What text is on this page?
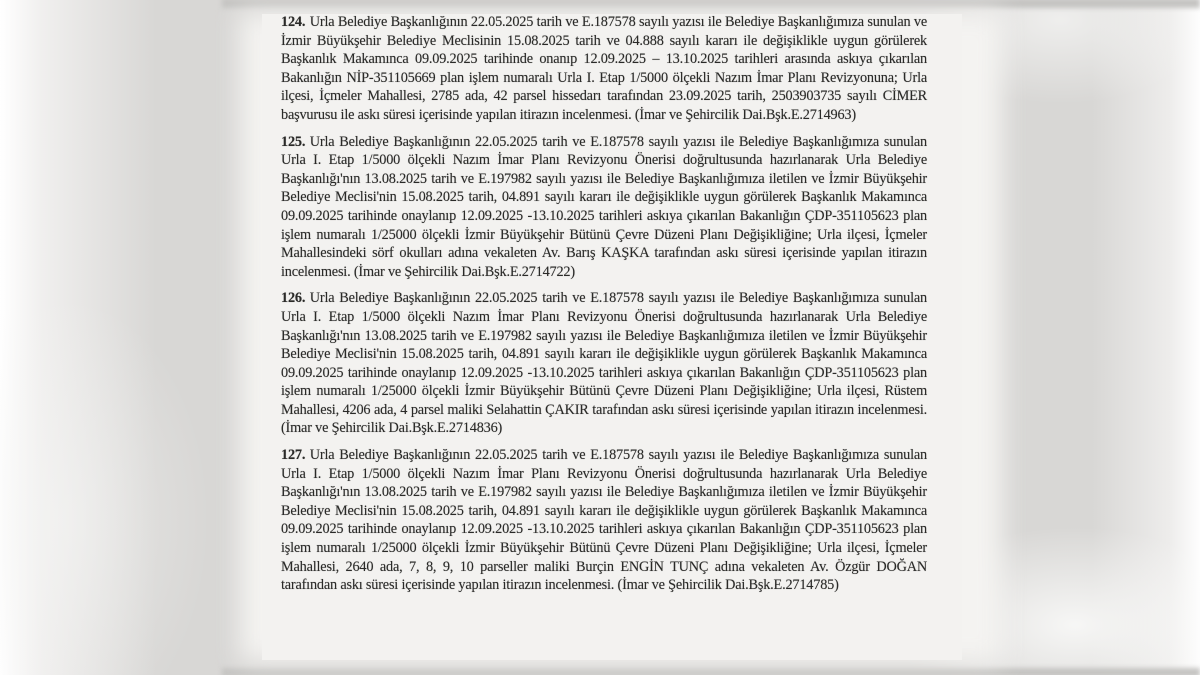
124. Urla Belediye Başkanlığının 22.05.2025 tarih ve E.187578 sayılı yazısı ile Belediye Başkanlığımıza sunulan ve İzmir Büyükşehir Belediye Meclisinin 15.08.2025 tarih ve 04.888 sayılı kararı ile değişiklikle uygun görülerek Başkanlık Makamınca 09.09.2025 tarihinde onanıp 12.09.2025 – 13.10.2025 tarihleri arasında askıya çıkarılan Bakanlığın NİP-351105669 plan işlem numaralı Urla I. Etap 1/5000 ölçekli Nazım İmar Planı Revizyonuna; Urla ilçesi, İçmeler Mahallesi, 2785 ada, 42 parsel hissedarı tarafından 23.09.2025 tarih, 2503903735 sayılı CİMER başvurusu ile askı süresi içerisinde yapılan itirazın incelenmesi. (İmar ve Şehircilik Dai.Bşk.E.2714963)

125. Urla Belediye Başkanlığının 22.05.2025 tarih ve E.187578 sayılı yazısı ile Belediye Başkanlığımıza sunulan Urla I. Etap 1/5000 ölçekli Nazım İmar Planı Revizyonu Önerisi doğrultusunda hazırlanarak Urla Belediye Başkanlığı'nın 13.08.2025 tarih ve E.197982 sayılı yazısı ile Belediye Başkanlığımıza iletilen ve İzmir Büyükşehir Belediye Meclisi'nin 15.08.2025 tarih, 04.891 sayılı kararı ile değişiklikle uygun görülerek Başkanlık Makamınca 09.09.2025 tarihinde onaylanıp 12.09.2025 -13.10.2025 tarihleri askıya çıkarılan Bakanlığın ÇDP-351105623 plan işlem numaralı 1/25000 ölçekli İzmir Büyükşehir Bütünü Çevre Düzeni Planı Değişikliğine; Urla ilçesi, İçmeler Mahallesindeki sörf okulları adına vekaleten Av. Barış KAŞKA tarafından askı süresi içerisinde yapılan itirazın incelenmesi. (İmar ve Şehircilik Dai.Bşk.E.2714722)

126. Urla Belediye Başkanlığının 22.05.2025 tarih ve E.187578 sayılı yazısı ile Belediye Başkanlığımıza sunulan Urla I. Etap 1/5000 ölçekli Nazım İmar Planı Revizyonu Önerisi doğrultusunda hazırlanarak Urla Belediye Başkanlığı'nın 13.08.2025 tarih ve E.197982 sayılı yazısı ile Belediye Başkanlığımıza iletilen ve İzmir Büyükşehir Belediye Meclisi'nin 15.08.2025 tarih, 04.891 sayılı kararı ile değişiklikle uygun görülerek Başkanlık Makamınca 09.09.2025 tarihinde onaylanıp 12.09.2025 -13.10.2025 tarihleri askıya çıkarılan Bakanlığın ÇDP-351105623 plan işlem numaralı 1/25000 ölçekli İzmir Büyükşehir Bütünü Çevre Düzeni Planı Değişikliğine; Urla ilçesi, Rüstem Mahallesi, 4206 ada, 4 parsel maliki Selahattin ÇAKIR tarafından askı süresi içerisinde yapılan itirazın incelenmesi. (İmar ve Şehircilik Dai.Bşk.E.2714836)

127. Urla Belediye Başkanlığının 22.05.2025 tarih ve E.187578 sayılı yazısı ile Belediye Başkanlığımıza sunulan Urla I. Etap 1/5000 ölçekli Nazım İmar Planı Revizyonu Önerisi doğrultusunda hazırlanarak Urla Belediye Başkanlığı'nın 13.08.2025 tarih ve E.197982 sayılı yazısı ile Belediye Başkanlığımıza iletilen ve İzmir Büyükşehir Belediye Meclisi'nin 15.08.2025 tarih, 04.891 sayılı kararı ile değişiklikle uygun görülerek Başkanlık Makamınca 09.09.2025 tarihinde onaylanıp 12.09.2025 -13.10.2025 tarihleri askıya çıkarılan Bakanlığın ÇDP-351105623 plan işlem numaralı 1/25000 ölçekli İzmir Büyükşehir Bütünü Çevre Düzeni Planı Değişikliğine; Urla ilçesi, İçmeler Mahallesi, 2640 ada, 7, 8, 9, 10 parseller maliki Burçin ENGİN TUNÇ adına vekaleten Av. Özgür DOĞAN tarafından askı süresi içerisinde yapılan itirazın incelenmesi. (İmar ve Şehircilik Dai.Bşk.E.2714785)
